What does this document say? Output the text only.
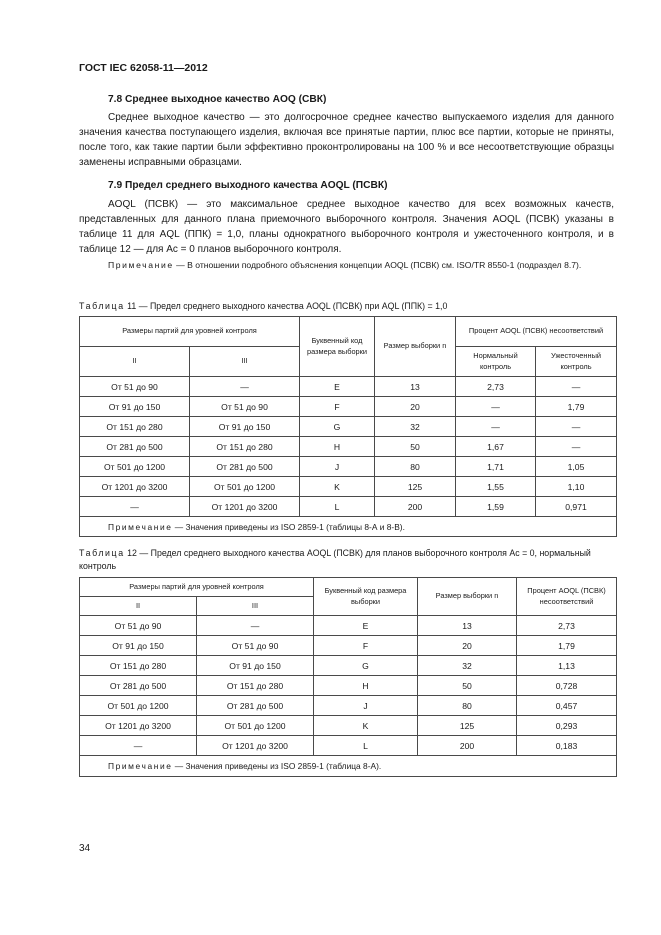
ГОСТ IEC 62058-11—2012
7.8 Среднее выходное качество AOQ (СВК)

Среднее выходное качество — это долгосрочное среднее качество выпускаемого изделия для данного значения качества поступающего изделия, включая все принятые партии, плюс все партии, которые не приняты, после того, как такие партии были эффективно проконтролированы на 100 % и все несоответствующие образцы заменены исправными образцами.

7.9 Предел среднего выходного качества AOQL (ПСВК)

AOQL (ПСВК) — это максимальное среднее выходное качество для всех возможных качеств, представленных для данного плана приемочного выборочного контроля. Значения AOQL (ПСВК) указаны в таблице 11 для AQL (ППК) = 1,0, планы однократного выборочного контроля и ужесточенного контроля, и в таблице 12 — для Ac = 0 планов выборочного контроля.

Примечание — В отношении подробного объяснения концепции AOQL (ПСВК) см. ISO/TR 8550-1 (подраздел 8.7).

Таблица 11 — Предел среднего выходного качества AOQL (ПСВК) при AQL (ППК) = 1,0
Размеры партий для уровней контроля		Буквенный код размера выборки	Размер выборки n	Процент AOQL (ПСВК) несоответствий	
II	III			Нормальный контроль	Ужесточенный контроль
От 51 до 90	—	E	13	2,73	—
От 91 до 150	От 51 до 90	F	20	—	1,79
От 151 до 280	От 91 до 150	G	32	—	—
От 281 до 500	От 151 до 280	H	50	1,67	—
От 501 до 1200	От 281 до 500	J	80	1,71	1,05
От 1201 до 3200	От 501 до 1200	K	125	1,55	1,10
—	От 1201 до 3200	L	200	1,59	0,971
Примечание — Значения приведены из ISO 2859-1 (таблицы 8-А и 8-В).					
Таблица 12 — Предел среднего выходного качества AOQL (ПСВК) для планов выборочного контроля Ac = 0, нормальный контроль
Размеры партий для уровней контроля		Буквенный код размера выборки	Размер выборки n	Процент AOQL (ПСВК) несоответствий
II	III			
От 51 до 90	—	E	13	2,73
От 91 до 150	От 51 до 90	F	20	1,79
От 151 до 280	От 91 до 150	G	32	1,13
От 281 до 500	От 151 до 280	H	50	0,728
От 501 до 1200	От 281 до 500	J	80	0,457
От 1201 до 3200	От 501 до 1200	K	125	0,293
—	От 1201 до 3200	L	200	0,183
Примечание — Значения приведены из ISO 2859-1 (таблица 8-А).				
34
